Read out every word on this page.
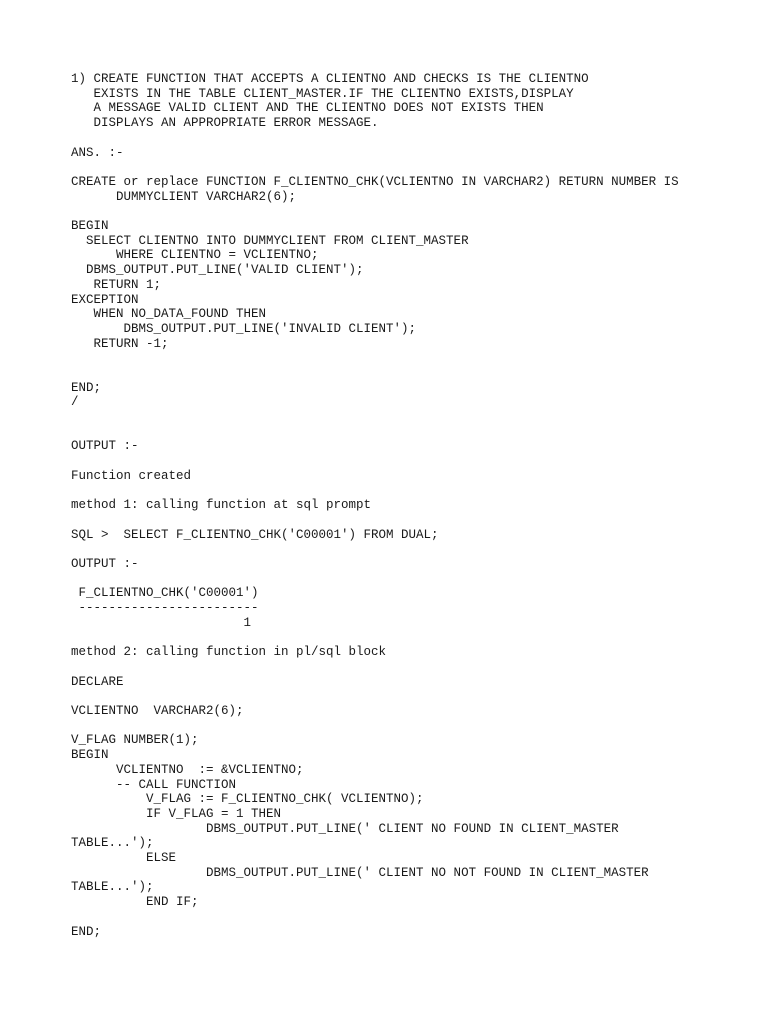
1) CREATE FUNCTION THAT ACCEPTS A CLIENTNO AND CHECKS IS THE CLIENTNO
EXISTS IN THE TABLE CLIENT_MASTER.IF THE CLIENTNO EXISTS,DISPLAY
A MESSAGE VALID CLIENT AND THE CLIENTNO DOES NOT EXISTS THEN
DISPLAYS AN APPROPRIATE ERROR MESSAGE.
ANS. :-
CREATE or replace FUNCTION F_CLIENTNO_CHK(VCLIENTNO IN VARCHAR2) RETURN NUMBER IS
DUMMYCLIENT VARCHAR2(6);
BEGIN
SELECT CLIENTNO INTO DUMMYCLIENT FROM CLIENT_MASTER
WHERE CLIENTNO = VCLIENTNO;
DBMS_OUTPUT.PUT_LINE('VALID CLIENT');
RETURN 1;
EXCEPTION
WHEN NO_DATA_FOUND THEN
DBMS_OUTPUT.PUT_LINE('INVALID CLIENT');
RETURN -1;
END;
/
OUTPUT :-
Function created
method 1: calling function at sql prompt
SQL >  SELECT F_CLIENTNO_CHK('C00001') FROM DUAL;
OUTPUT :-
F_CLIENTNO_CHK('C00001')
------------------------
1
method 2: calling function in pl/sql block
DECLARE
VCLIENTNO  VARCHAR2(6);
V_FLAG NUMBER(1);
BEGIN
VCLIENTNO  := &VCLIENTNO;
-- CALL FUNCTION
V_FLAG := F_CLIENTNO_CHK( VCLIENTNO);
IF V_FLAG = 1 THEN
DBMS_OUTPUT.PUT_LINE(' CLIENT NO FOUND IN CLIENT_MASTER
TABLE...');
ELSE
DBMS_OUTPUT.PUT_LINE(' CLIENT NO NOT FOUND IN CLIENT_MASTER
TABLE...');
END IF;
END;
